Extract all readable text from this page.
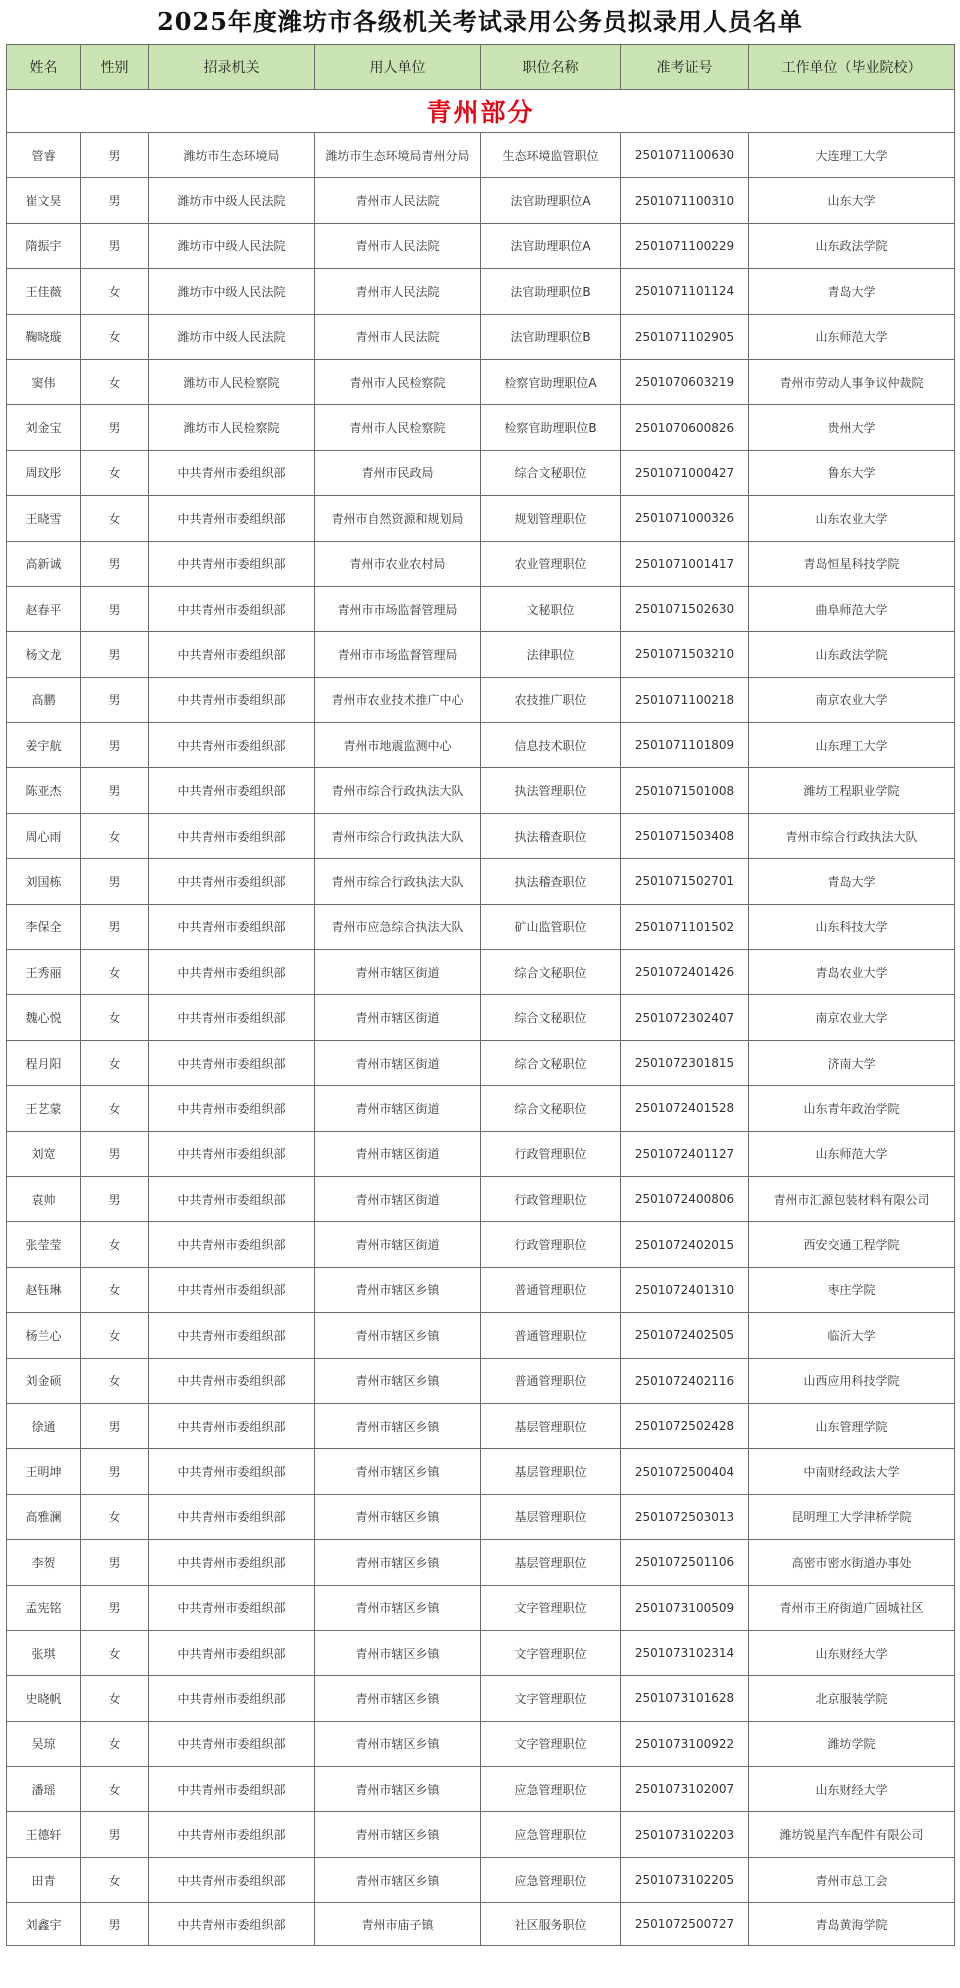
2025年度潍坊市各级机关考试录用公务员拟录用人员名单
姓名	性别	招录机关	用人单位	职位名称	准考证号	工作单位（毕业院校）
青州部分						
管睿	男	潍坊市生态环境局	潍坊市生态环境局青州分局	生态环境监管职位	2501071100630	大连理工大学
崔文昊	男	潍坊市中级人民法院	青州市人民法院	法官助理职位A	2501071100310	山东大学
隋振宇	男	潍坊市中级人民法院	青州市人民法院	法官助理职位A	2501071100229	山东政法学院
王佳薇	女	潍坊市中级人民法院	青州市人民法院	法官助理职位B	2501071101124	青岛大学
鞠晓璇	女	潍坊市中级人民法院	青州市人民法院	法官助理职位B	2501071102905	山东师范大学
窦伟	女	潍坊市人民检察院	青州市人民检察院	检察官助理职位A	2501070603219	青州市劳动人事争议仲裁院
刘金宝	男	潍坊市人民检察院	青州市人民检察院	检察官助理职位B	2501070600826	贵州大学
周玟彤	女	中共青州市委组织部	青州市民政局	综合文秘职位	2501071000427	鲁东大学
王晓雪	女	中共青州市委组织部	青州市自然资源和规划局	规划管理职位	2501071000326	山东农业大学
高新诚	男	中共青州市委组织部	青州市农业农村局	农业管理职位	2501071001417	青岛恒星科技学院
赵春平	男	中共青州市委组织部	青州市市场监督管理局	文秘职位	2501071502630	曲阜师范大学
杨文龙	男	中共青州市委组织部	青州市市场监督管理局	法律职位	2501071503210	山东政法学院
高鹏	男	中共青州市委组织部	青州市农业技术推广中心	农技推广职位	2501071100218	南京农业大学
姜宇航	男	中共青州市委组织部	青州市地震监测中心	信息技术职位	2501071101809	山东理工大学
陈亚杰	男	中共青州市委组织部	青州市综合行政执法大队	执法管理职位	2501071501008	潍坊工程职业学院
周心雨	女	中共青州市委组织部	青州市综合行政执法大队	执法稽查职位	2501071503408	青州市综合行政执法大队
刘国栋	男	中共青州市委组织部	青州市综合行政执法大队	执法稽查职位	2501071502701	青岛大学
李保全	男	中共青州市委组织部	青州市应急综合执法大队	矿山监管职位	2501071101502	山东科技大学
王秀丽	女	中共青州市委组织部	青州市辖区街道	综合文秘职位	2501072401426	青岛农业大学
魏心悦	女	中共青州市委组织部	青州市辖区街道	综合文秘职位	2501072302407	南京农业大学
程月阳	女	中共青州市委组织部	青州市辖区街道	综合文秘职位	2501072301815	济南大学
王艺蒙	女	中共青州市委组织部	青州市辖区街道	综合文秘职位	2501072401528	山东青年政治学院
刘宽	男	中共青州市委组织部	青州市辖区街道	行政管理职位	2501072401127	山东师范大学
袁帅	男	中共青州市委组织部	青州市辖区街道	行政管理职位	2501072400806	青州市汇源包装材料有限公司
张莹莹	女	中共青州市委组织部	青州市辖区街道	行政管理职位	2501072402015	西安交通工程学院
赵钰琳	女	中共青州市委组织部	青州市辖区乡镇	普通管理职位	2501072401310	枣庄学院
杨兰心	女	中共青州市委组织部	青州市辖区乡镇	普通管理职位	2501072402505	临沂大学
刘金硕	女	中共青州市委组织部	青州市辖区乡镇	普通管理职位	2501072402116	山西应用科技学院
徐通	男	中共青州市委组织部	青州市辖区乡镇	基层管理职位	2501072502428	山东管理学院
王明坤	男	中共青州市委组织部	青州市辖区乡镇	基层管理职位	2501072500404	中南财经政法大学
高雅澜	女	中共青州市委组织部	青州市辖区乡镇	基层管理职位	2501072503013	昆明理工大学津桥学院
李贺	男	中共青州市委组织部	青州市辖区乡镇	基层管理职位	2501072501106	高密市密水街道办事处
孟宪铭	男	中共青州市委组织部	青州市辖区乡镇	文字管理职位	2501073100509	青州市王府街道广固城社区
张琪	女	中共青州市委组织部	青州市辖区乡镇	文字管理职位	2501073102314	山东财经大学
史晓帆	女	中共青州市委组织部	青州市辖区乡镇	文字管理职位	2501073101628	北京服装学院
吴琼	女	中共青州市委组织部	青州市辖区乡镇	文字管理职位	2501073100922	潍坊学院
潘瑶	女	中共青州市委组织部	青州市辖区乡镇	应急管理职位	2501073102007	山东财经大学
王德轩	男	中共青州市委组织部	青州市辖区乡镇	应急管理职位	2501073102203	潍坊锐星汽车配件有限公司
田青	女	中共青州市委组织部	青州市辖区乡镇	应急管理职位	2501073102205	青州市总工会
刘鑫宇	男	中共青州市委组织部	青州市庙子镇	社区服务职位	2501072500727	青岛黄海学院
